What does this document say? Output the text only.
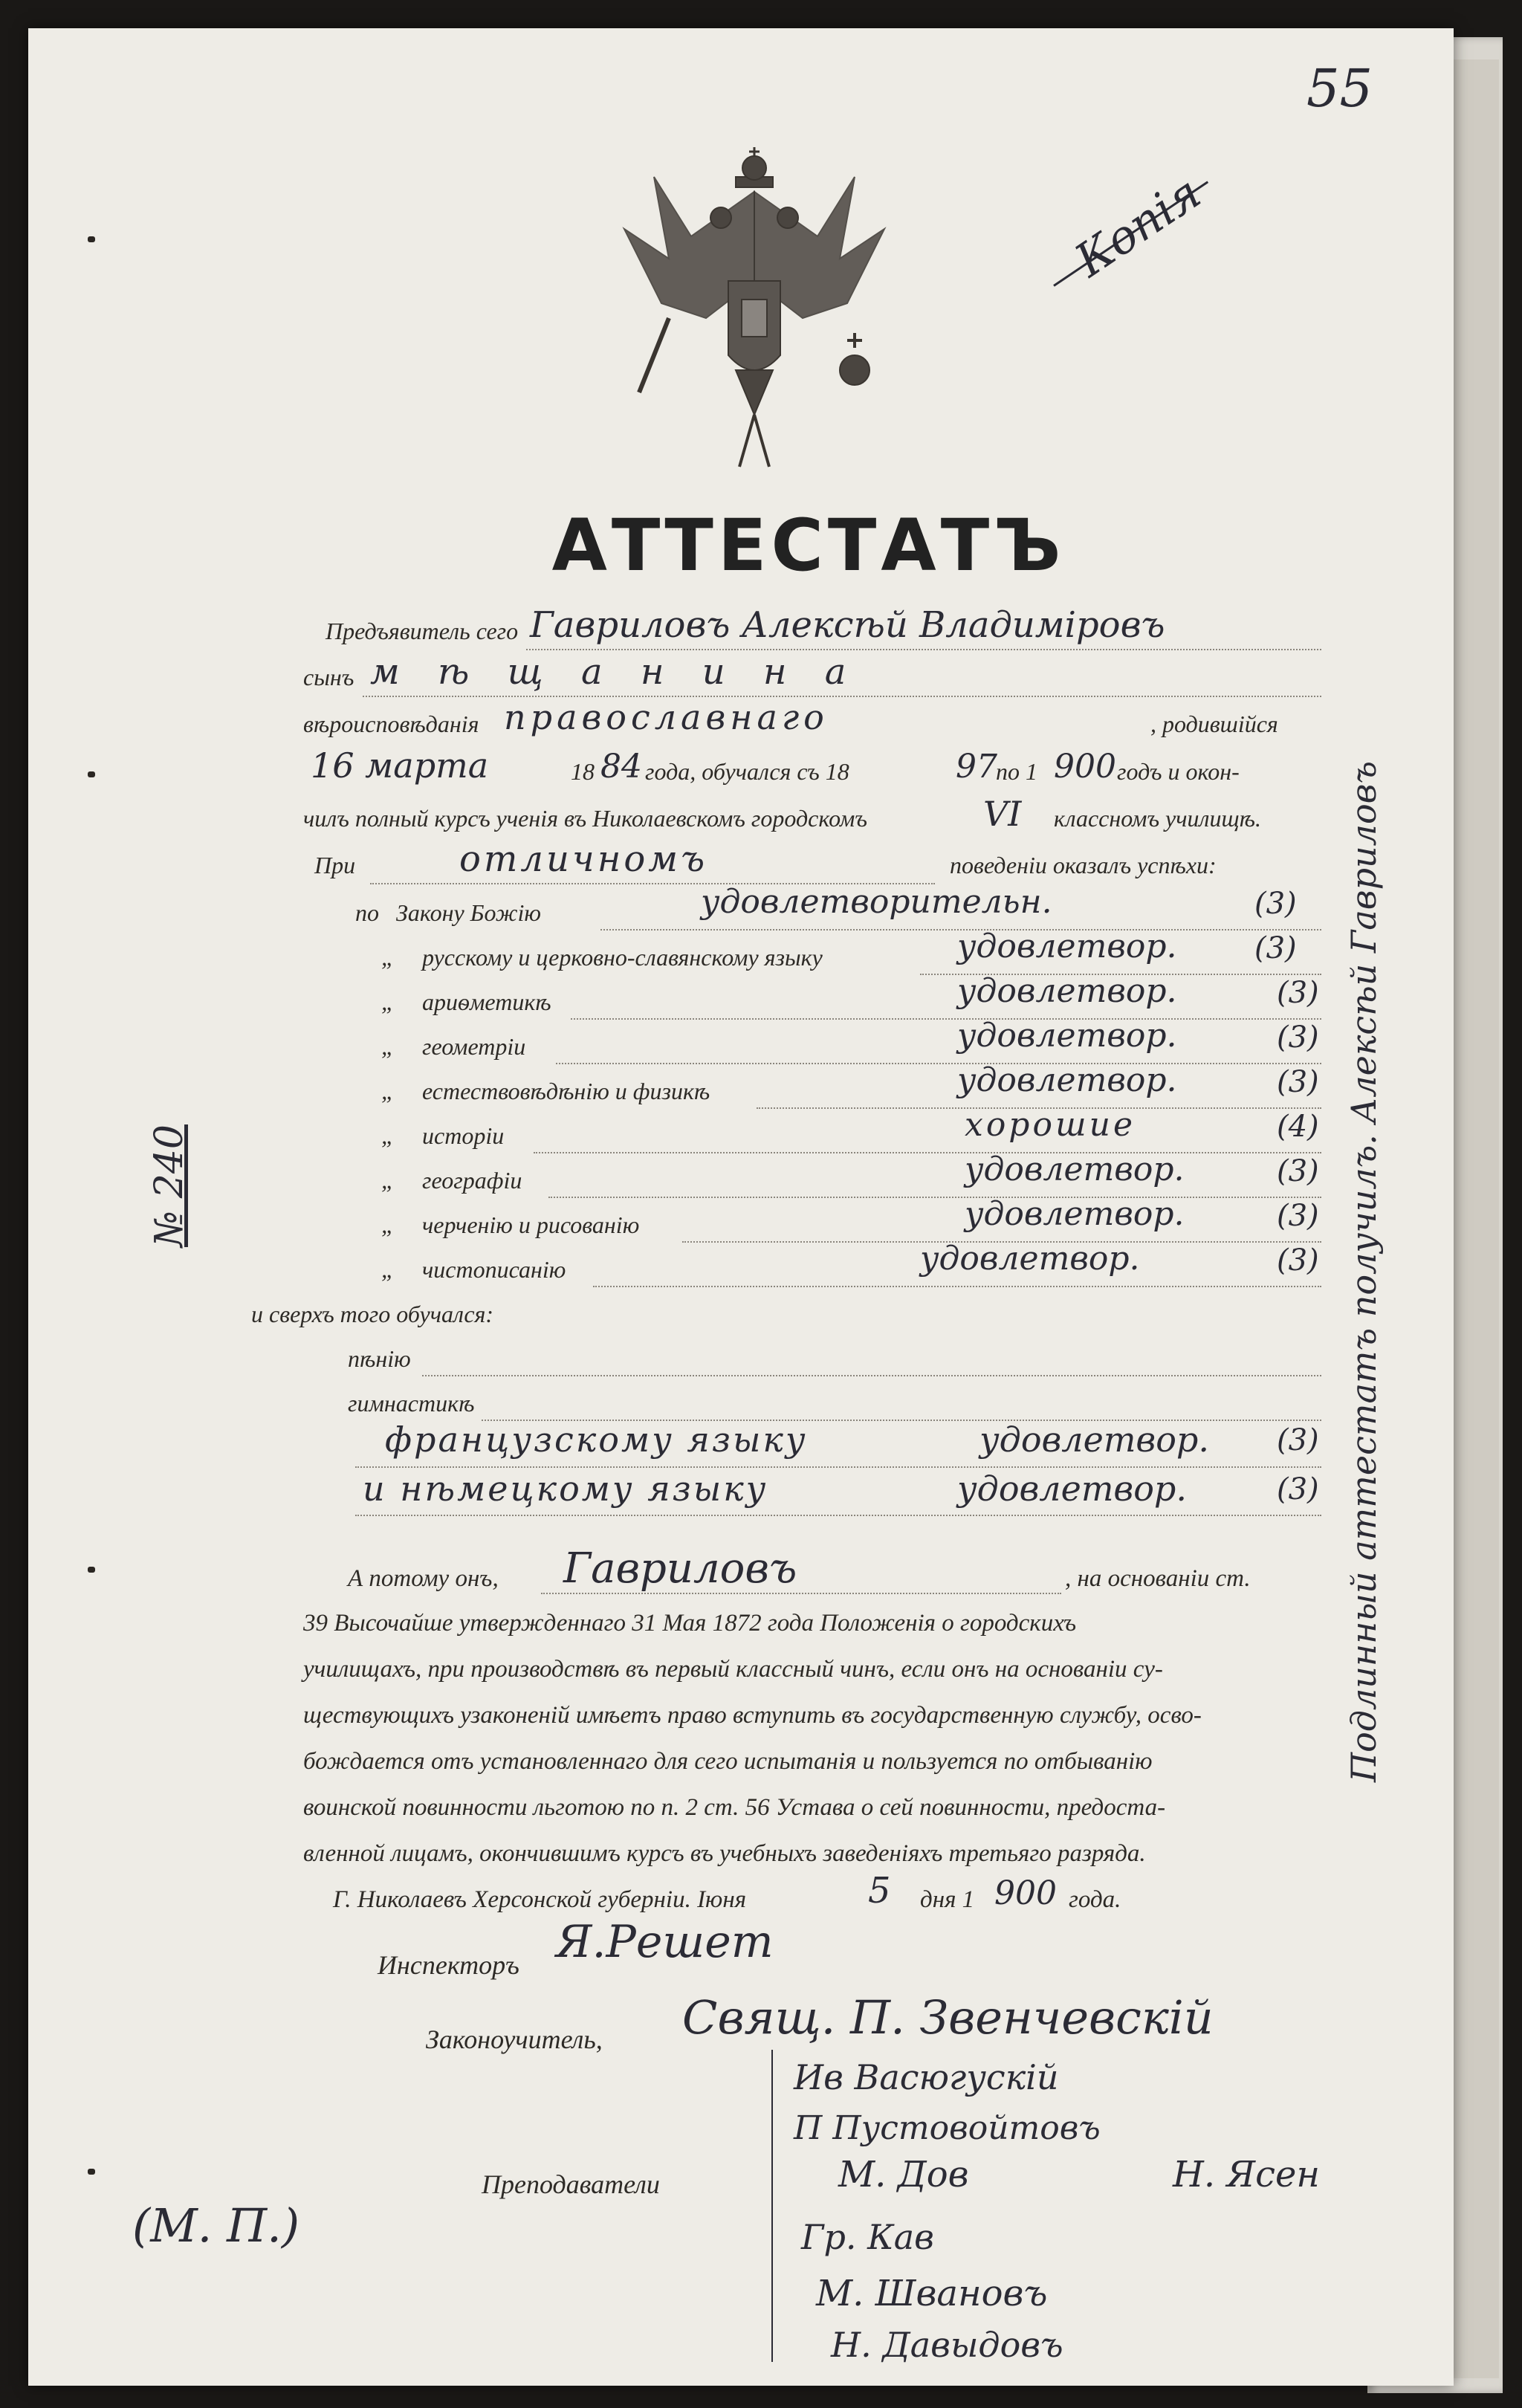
Копія
55
АТТЕСТАТЪ
№ 240	Подлинный аттестатъ получилъ. Алексѣй Гавриловъ
Предъявитель сего Гавриловъ Алексѣй Владиміровъ
сынъ м ѣ щ а н и н а
вѣроисповѣданія православнаго	, родившійся
16 марта	18 84 года, обучался съ 18	97
по 1 900 годъ и окон-
чилъ полный курсъ ученія въ Николаевскомъ городскомъ	VI классномъ училищѣ.
При	отличномъ	поведеніи оказалъ успѣхи:
по Закону Божію	удовлетворительн.	(3)
„ русскому и церковно-славянскому языку	удовлетвор.	(3)
„ ариѳметикѣ	удовлетвор.	(3)
„ геометріи	удовлетвор.	(3)
„ естествовѣдѣнію и физикѣ	удовлетвор.	(3)
„ исторіи	хорошие	(4)
„ географіи	удовлетвор.	(3)
„ черченію и рисованію	удовлетвор.	(3)
„ чистописанію	удовлетвор.	(3)
и сверхъ того обучался:
пѣнію
гимнастикѣ
французскому языку	удовлетвор. (3)
и нѣмецкому языку	удовлетвор.	(3)
А потому онъ, Гавриловъ	, на основаніи ст.
39 Высочайше утвержденнаго 31 Мая 1872 года Положенія о городскихъ
училищахъ, при производствѣ въ первый классный чинъ, если онъ на основаніи су-
ществующихъ узаконеній имѣетъ право вступить въ государственную службу, осво-
бождается отъ установленнаго для сего испытанія и пользуется по отбыванію
воинской повинности льготою по п. 2 ст. 56 Устава о сей повинности, предоста-
вленной лицамъ, окончившимъ курсъ въ учебныхъ заведеніяхъ третьяго разряда.
Г. Николаевъ Херсонской губерніи. Іюня	5 дня 1 900 года.
Инспекторъ Я.Решет
Законоучитель, Свящ. П. Звенчевскій
Ив Васюгускій
П Пустовойтовъ
Преподаватели	М. Дов	Н. Ясен
Гр. Кав
М. Швановъ
Н. Давыдовъ
(М. П.)
